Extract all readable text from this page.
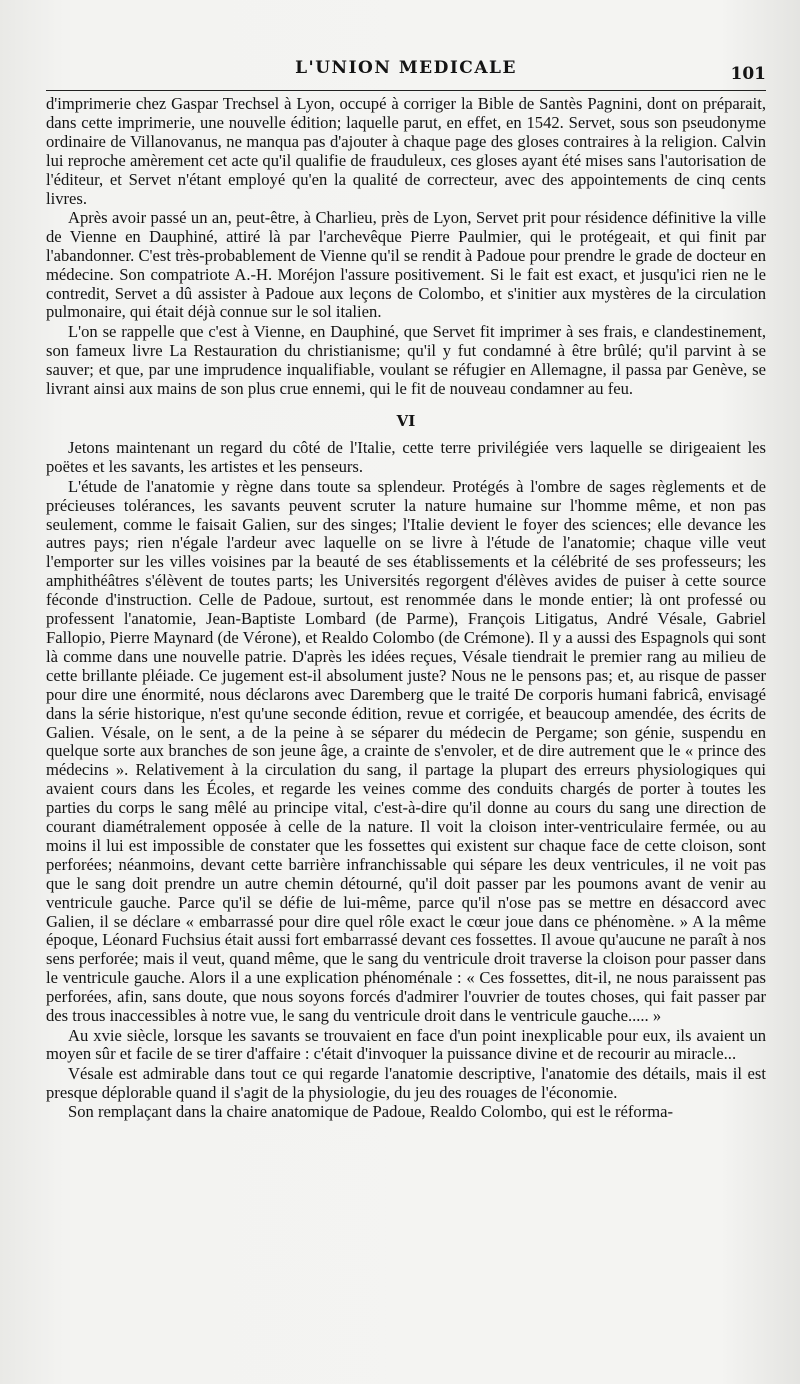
L'UNION MEDICALE	101

d'imprimerie chez Gaspar Trechsel à Lyon, occupé à corriger la Bible de Santès Pagnini, dont on préparait, dans cette imprimerie, une nouvelle édition; laquelle parut, en effet, en 1542. Servet, sous son pseudonyme ordinaire de Villanovanus, ne manqua pas d'ajouter à chaque page des gloses contraires à la religion. Calvin lui reproche amèrement cet acte qu'il qualifie de frauduleux, ces gloses ayant été mises sans l'autorisation de l'éditeur, et Servet n'étant employé qu'en la qualité de correcteur, avec des appointements de cinq cents livres.

Après avoir passé un an, peut-être, à Charlieu, près de Lyon, Servet prit pour résidence définitive la ville de Vienne en Dauphiné, attiré là par l'archevêque Pierre Paulmier, qui le protégeait, et qui finit par l'abandonner. C'est très-probablement de Vienne qu'il se rendit à Padoue pour prendre le grade de docteur en médecine. Son compatriote A.-H. Moréjon l'assure positivement. Si le fait est exact, et jusqu'ici rien ne le contredit, Servet a dû assister à Padoue aux leçons de Colombo, et s'initier aux mystères de la circulation pulmonaire, qui était déjà connue sur le sol italien.

L'on se rappelle que c'est à Vienne, en Dauphiné, que Servet fit imprimer à ses frais, e clandestinement, son fameux livre La Restauration du christianisme; qu'il y fut condamné à être brûlé; qu'il parvint à se sauver; et que, par une imprudence inqualifiable, voulant se réfugier en Allemagne, il passa par Genève, se livrant ainsi aux mains de son plus crue ennemi, qui le fit de nouveau condamner au feu.

VI

Jetons maintenant un regard du côté de l'Italie, cette terre privilégiée vers laquelle se dirigeaient les poëtes et les savants, les artistes et les penseurs.

L'étude de l'anatomie y règne dans toute sa splendeur. Protégés à l'ombre de sages règlements et de précieuses tolérances, les savants peuvent scruter la nature humaine sur l'homme même, et non pas seulement, comme le faisait Galien, sur des singes; l'Italie devient le foyer des sciences; elle devance les autres pays; rien n'égale l'ardeur avec laquelle on se livre à l'étude de l'anatomie; chaque ville veut l'emporter sur les villes voisines par la beauté de ses établissements et la célébrité de ses professeurs; les amphithéâtres s'élèvent de toutes parts; les Universités regorgent d'élèves avides de puiser à cette source féconde d'instruction. Celle de Padoue, surtout, est renommée dans le monde entier; là ont professé ou professent l'anatomie, Jean-Baptiste Lombard (de Parme), François Litigatus, André Vésale, Gabriel Fallopio, Pierre Maynard (de Vérone), et Realdo Colombo (de Crémone). Il y a aussi des Espagnols qui sont là comme dans une nouvelle patrie. D'après les idées reçues, Vésale tiendrait le premier rang au milieu de cette brillante pléiade. Ce jugement est-il absolument juste? Nous ne le pensons pas; et, au risque de passer pour dire une énormité, nous déclarons avec Daremberg que le traité De corporis humani fabricâ, envisagé dans la série historique, n'est qu'une seconde édition, revue et corrigée, et beaucoup amendée, des écrits de Galien. Vésale, on le sent, a de la peine à se séparer du médecin de Pergame; son génie, suspendu en quelque sorte aux branches de son jeune âge, a crainte de s'envoler, et de dire autrement que le « prince des médecins ». Relativement à la circulation du sang, il partage la plupart des erreurs physiologiques qui avaient cours dans les Écoles, et regarde les veines comme des conduits chargés de porter à toutes les parties du corps le sang mêlé au principe vital, c'est-à-dire qu'il donne au cours du sang une direction de courant diamétralement opposée à celle de la nature. Il voit la cloison inter-ventriculaire fermée, ou au moins il lui est impossible de constater que les fossettes qui existent sur chaque face de cette cloison, sont perforées; néanmoins, devant cette barrière infranchissable qui sépare les deux ventricules, il ne voit pas que le sang doit prendre un autre chemin détourné, qu'il doit passer par les poumons avant de venir au ventricule gauche. Parce qu'il se défie de lui-même, parce qu'il n'ose pas se mettre en désaccord avec Galien, il se déclare « embarrassé pour dire quel rôle exact le cœur joue dans ce phénomène. » A la même époque, Léonard Fuchsius était aussi fort embarrassé devant ces fossettes. Il avoue qu'aucune ne paraît à nos sens perforée; mais il veut, quand même, que le sang du ventricule droit traverse la cloison pour passer dans le ventricule gauche. Alors il a une explication phénoménale : « Ces fossettes, dit-il, ne nous paraissent pas perforées, afin, sans doute, que nous soyons forcés d'admirer l'ouvrier de toutes choses, qui fait passer par des trous inaccessibles à notre vue, le sang du ventricule droit dans le ventricule gauche..... »

Au xvie siècle, lorsque les savants se trouvaient en face d'un point inexplicable pour eux, ils avaient un moyen sûr et facile de se tirer d'affaire : c'était d'invoquer la puissance divine et de recourir au miracle...

Vésale est admirable dans tout ce qui regarde l'anatomie descriptive, l'anatomie des détails, mais il est presque déplorable quand il s'agit de la physiologie, du jeu des rouages de l'économie.

Son remplaçant dans la chaire anatomique de Padoue, Realdo Colombo, qui est le réforma-
